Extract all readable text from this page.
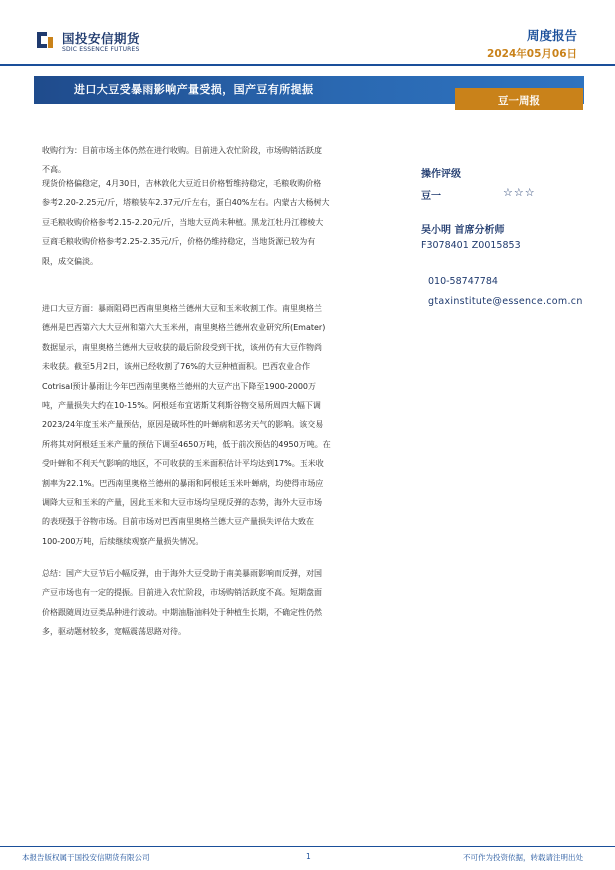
国投安信期货
SDIC ESSENCE FUTURES
周度报告
2024年05月06日
进口大豆受暴雨影响产量受损，国产豆有所提振
豆一周报

收购行为：目前市场主体仍然在进行收购。目前进入农忙阶段，市场购销活跃度
不高。

现货价格偏稳定，4月30日，吉林敦化大豆近日价格暂维持稳定，毛粮收购价格
参考2.20-2.25元/斤，塔粮装车2.37元/斤左右，蛋白40%左右。内蒙古大杨树大
豆毛粮收购价格参考2.15-2.20元/斤，当地大豆尚未种植。黑龙江牡丹江穆棱大
豆商毛粮收购价格参考2.25-2.35元/斤，价格仍维持稳定，当地货源已较为有
限，成交偏淡。

进口大豆方面：暴雨阻碍巴西南里奥格兰德州大豆和玉米收割工作。南里奥格兰
德州是巴西第六大大豆州和第六大玉米州，南里奥格兰德州农业研究所(Emater)
数据显示，南里奥格兰德州大豆收获的最后阶段受到干扰，该州仍有大豆作物尚
未收获。截至5月2日，该州已经收割了76%的大豆种植面积。巴西农业合作
Cotrisal预计暴雨让今年巴西南里奥格兰德州的大豆产出下降至1900-2000万
吨，产量损失大约在10-15%。阿根廷布宜诺斯艾利斯谷物交易所周四大幅下调
2023/24年度玉米产量预估，原因是破坏性的叶蝉病和恶劣天气的影响。该交易
所将其对阿根廷玉米产量的预估下调至4650万吨，低于前次预估的4950万吨。在
受叶蝉和不利天气影响的地区，不可收获的玉米面积估计平均达到17%。玉米收
割率为22.1%。巴西南里奥格兰德州的暴雨和阿根廷玉米叶蝉病，均使得市场应
调降大豆和玉米的产量，因此玉米和大豆市场均呈现反弹的态势，海外大豆市场
的表现强于谷物市场。目前市场对巴西南里奥格兰德大豆产量损失评估大致在
100-200万吨，后续继续观察产量损失情况。

总结：国产大豆节后小幅反弹，由于海外大豆受助于南美暴雨影响而反弹，对国
产豆市场也有一定的提振。目前进入农忙阶段，市场购销活跃度不高。短期盘面
价格跟随周边豆类品种进行波动。中期油脂油料处于种植生长期，不确定性仍然
多，驱动题材较多，宽幅震荡思路对待。

操作评级
豆一	☆☆☆
吴小明 首席分析师
F3078401 Z0015853
010-58747784
gtaxinstitute@essence.com.cn
本报告版权属于国投安信期货有限公司	1	不可作为投资依据，转载请注明出处
